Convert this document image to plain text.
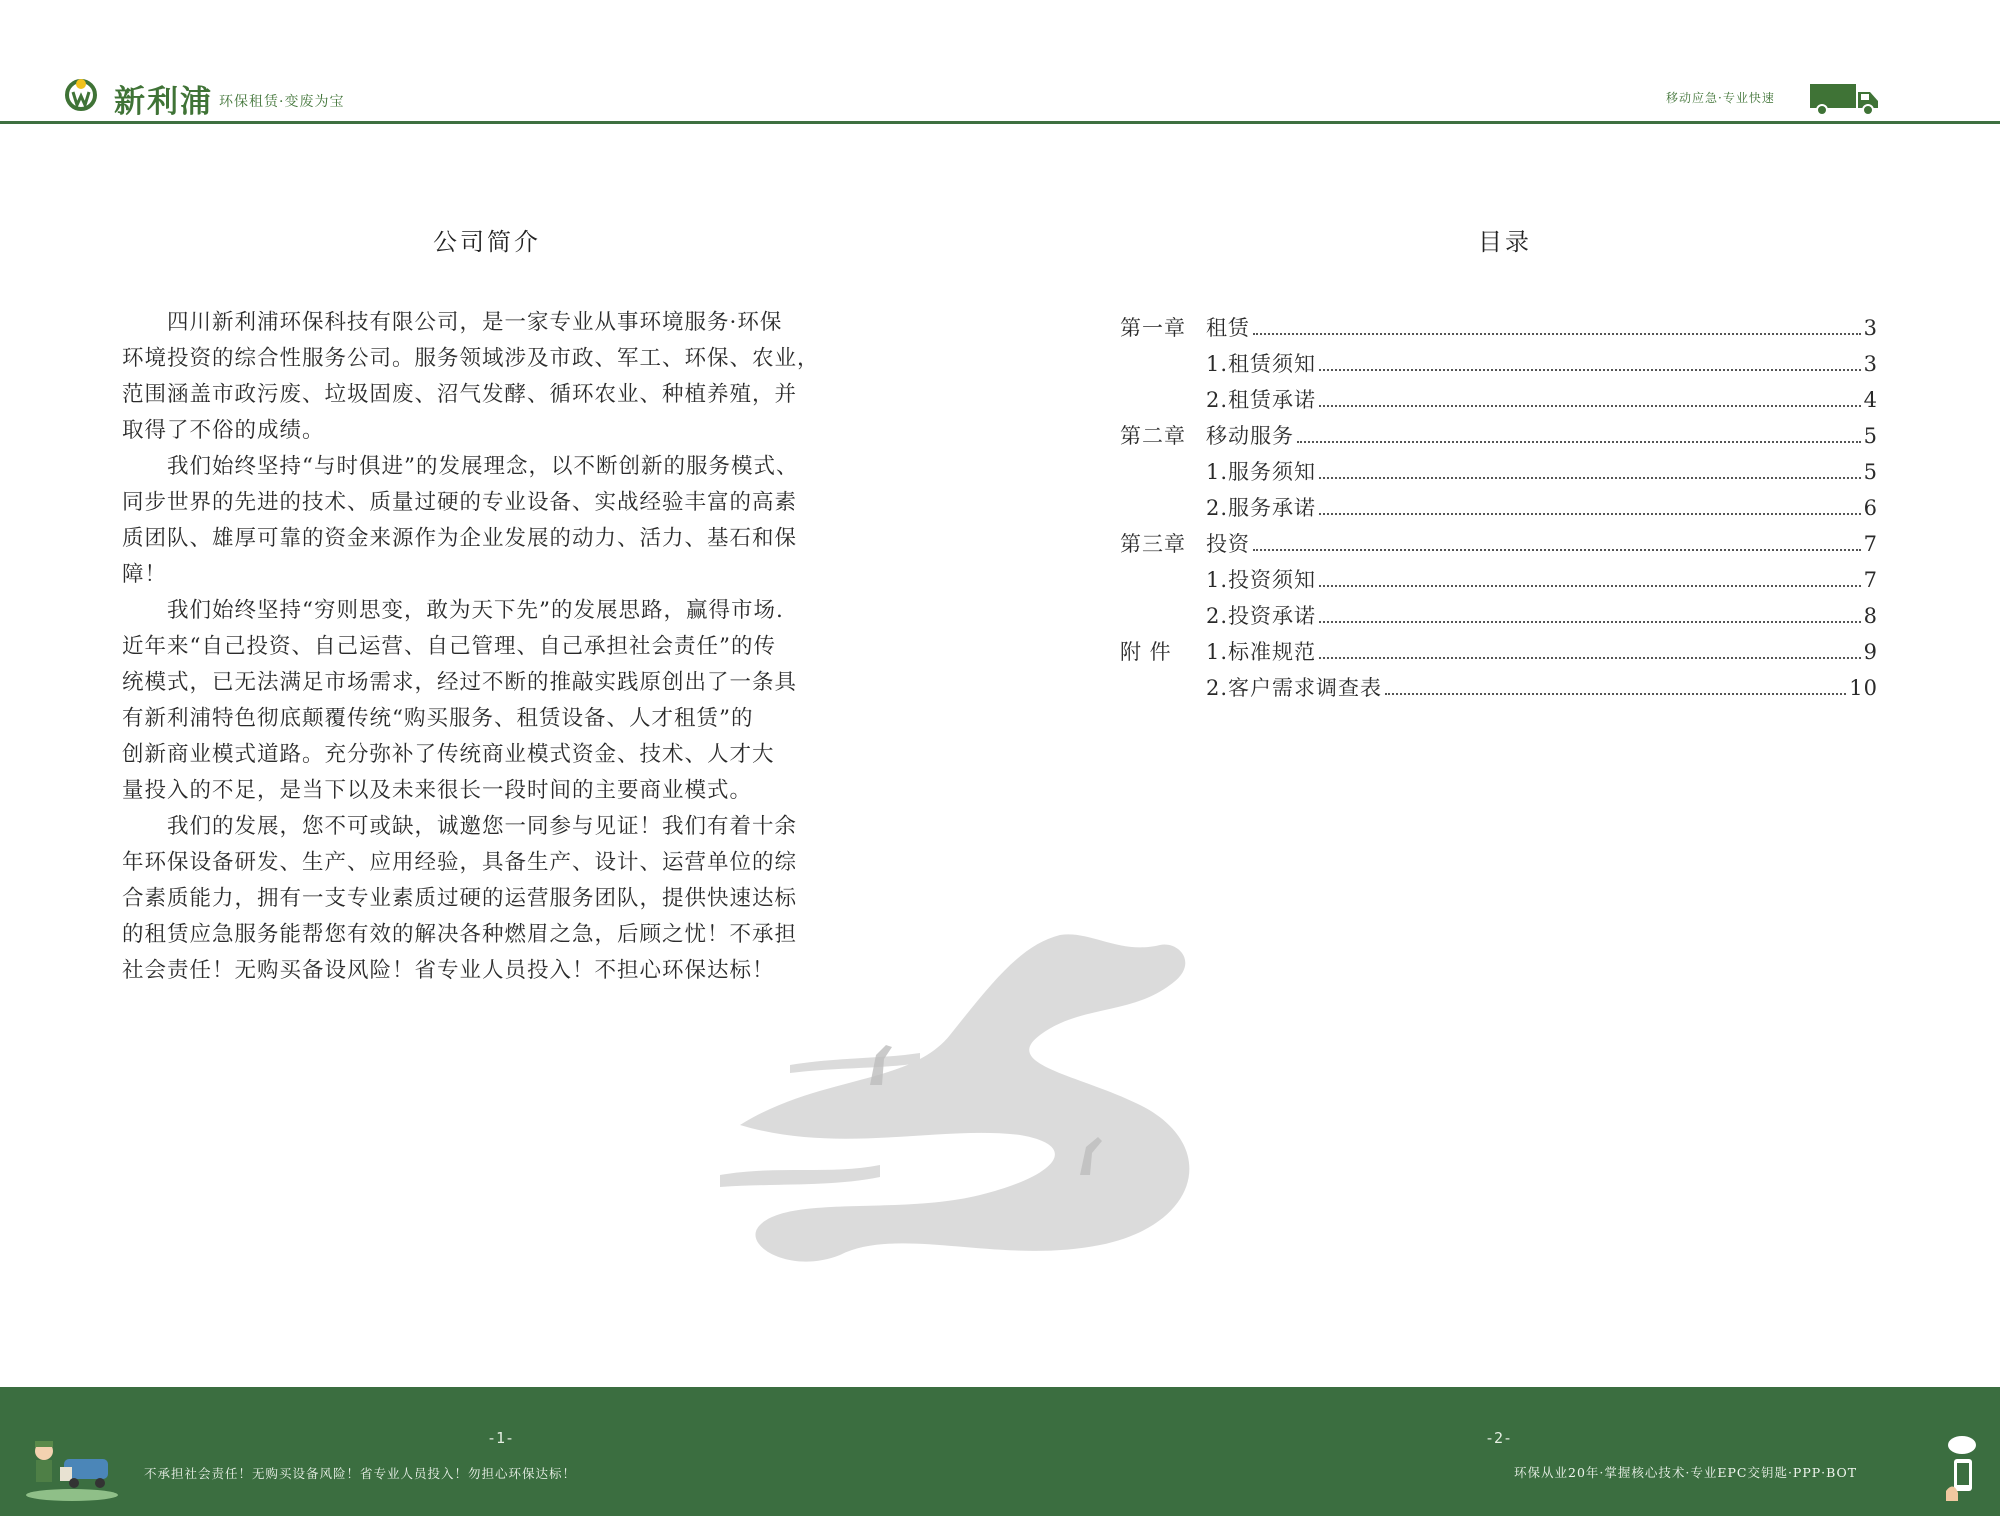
新利浦 环保租赁·变废为宝	移动应急·专业快速
公司简介

　　四川新利浦环保科技有限公司，是一家专业从事环境服务·环保
环境投资的综合性服务公司。服务领域涉及市政、军工、环保、农业，
范围涵盖市政污废、垃圾固废、沼气发酵、循环农业、种植养殖，并
取得了不俗的成绩。

　　我们始终坚持“与时俱进”的发展理念，以不断创新的服务模式、
同步世界的先进的技术、质量过硬的专业设备、实战经验丰富的高素
质团队、雄厚可靠的资金来源作为企业发展的动力、活力、基石和保
障！

　　我们始终坚持“穷则思变，敢为天下先”的发展思路，赢得市场.
近年来“自己投资、自己运营、自己管理、自己承担社会责任”的传
统模式，已无法满足市场需求，经过不断的推敲实践原创出了一条具
有新利浦特色彻底颠覆传统“购买服务、租赁设备、人才租赁”的
创新商业模式道路。充分弥补了传统商业模式资金、技术、人才大
量投入的不足，是当下以及未来很长一段时间的主要商业模式。

　　我们的发展，您不可或缺，诚邀您一同参与见证！我们有着十余
年环保设备研发、生产、应用经验，具备生产、设计、运营单位的综
合素质能力，拥有一支专业素质过硬的运营服务团队，提供快速达标
的租赁应急服务能帮您有效的解决各种燃眉之急，后顾之忧！不承担
社会责任！无购买备设风险！省专业人员投入！不担心环保达标！

目录
第一章 租赁	3
1.租赁须知	3
2.租赁承诺	4
第二章 移动服务	5
1.服务须知	5
2.服务承诺	6
第三章 投资	7
1.投资须知	7
2.投资承诺	8
附 件	1.标准规范	9
2.客户需求调查表	10
-1-	-2-
不承担社会责任！无购买设备风险！省专业人员投入！勿担心环保达标！	环保从业20年·掌握核心技术·专业EPC交钥匙·PPP·BOT
